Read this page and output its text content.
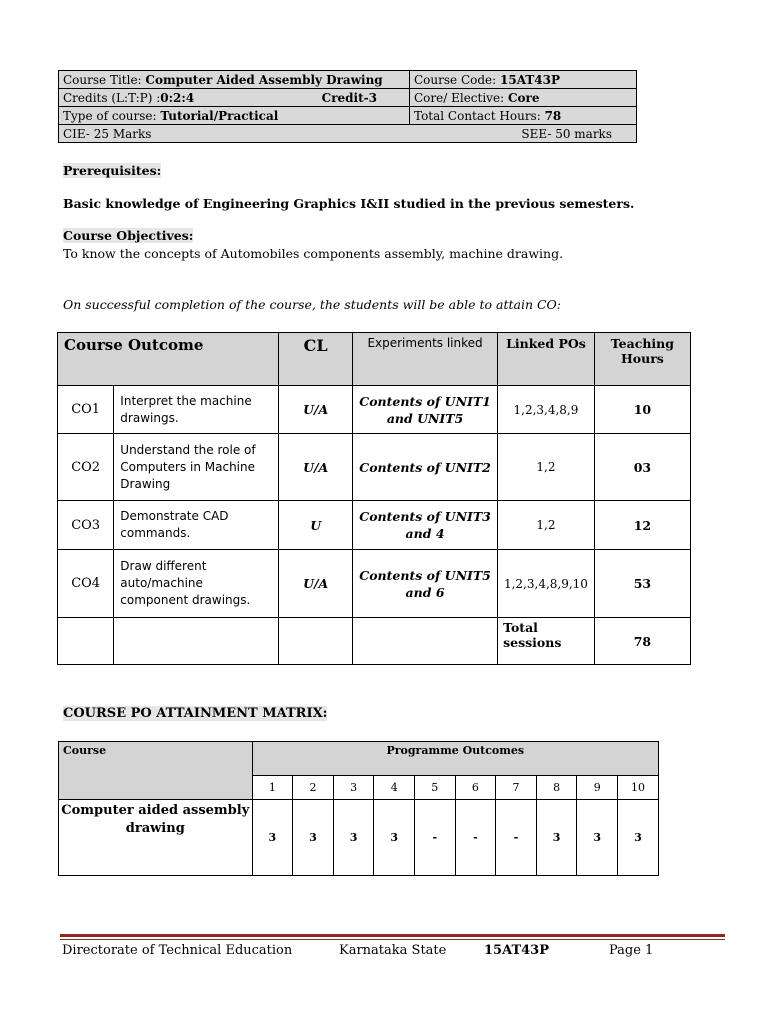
Course Title: Computer Aided Assembly Drawing	Course Code: 15AT43P

Credits (L:T:P) :0:2:4 Credit-3	Core/ Elective: Core
Type of course: Tutorial/Practical	Total Contact Hours: 78

CIE- 25 Marks SEE- 50 marks	
Prerequisites:
Basic knowledge of Engineering Graphics I&II studied in the previous semesters.
Course Objectives:
To know the concepts of Automobiles components assembly, machine drawing.
On successful completion of the course, the students will be able to attain CO:
Course Outcome		CL	Experiments linked	Linked POs	Teaching Hours
CO1	Interpret the machine drawings.	U/A	Contents of UNIT1 and UNIT5	1,2,3,4,8,9	10
CO2	Understand the role of Computers in Machine Drawing	U/A	Contents of UNIT2	1,2	03
CO3	Demonstrate CAD commands.	U	Contents of UNIT3 and 4	1,2	12
CO4	Draw different auto/machine component drawings.	U/A	Contents of UNIT5 and 6	1,2,3,4,8,9,10	53
				Total sessions	78
COURSE PO ATTAINMENT MATRIX:
Course	Programme Outcomes									
	1	2	3	4	5	6	7	8	9	10
Computer aided assembly drawing	3	3	3	3	-	-	-	3	3	3
Directorate of Technical Education	Karnataka State	15AT43P	Page 1
